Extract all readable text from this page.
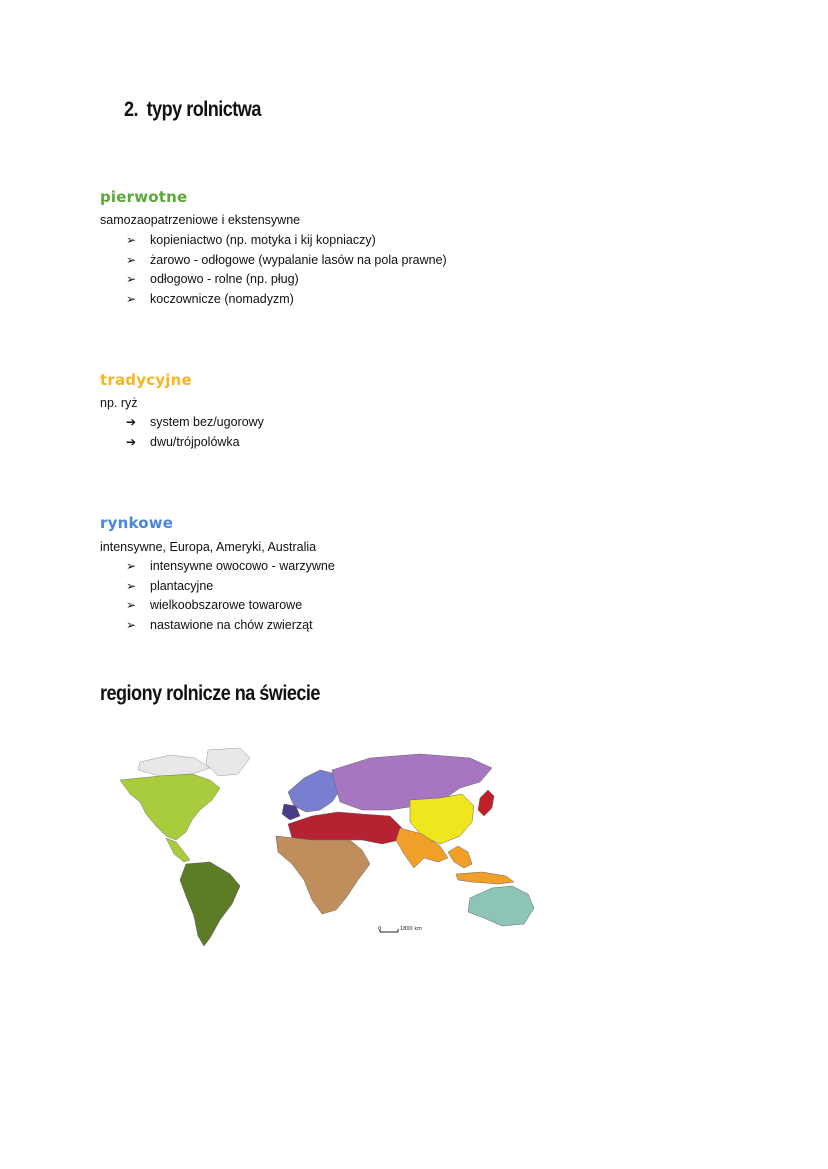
2. typy rolnictwa
pierwotne
samozaopatrzeniowe i ekstensywne
➢	kopieniactwo (np. motyka i kij kopniaczy)
➢	żarowo - odłogowe (wypalanie lasów na pola prawne)
➢	odłogowo - rolne (np. pług)
➢	koczownicze (nomadyzm)
tradycyjne
np. ryż
➔	system bez/ugorowy
➔	dwu/trójpolówka
rynkowe
intensywne, Europa, Ameryki, Australia
➢	intensywne owocowo - warzywne
➢	plantacyjne
➢	wielkoobszarowe towarowe
➢	nastawione na chów zwierząt
regiony rolnicze na świecie
0	1800 km
